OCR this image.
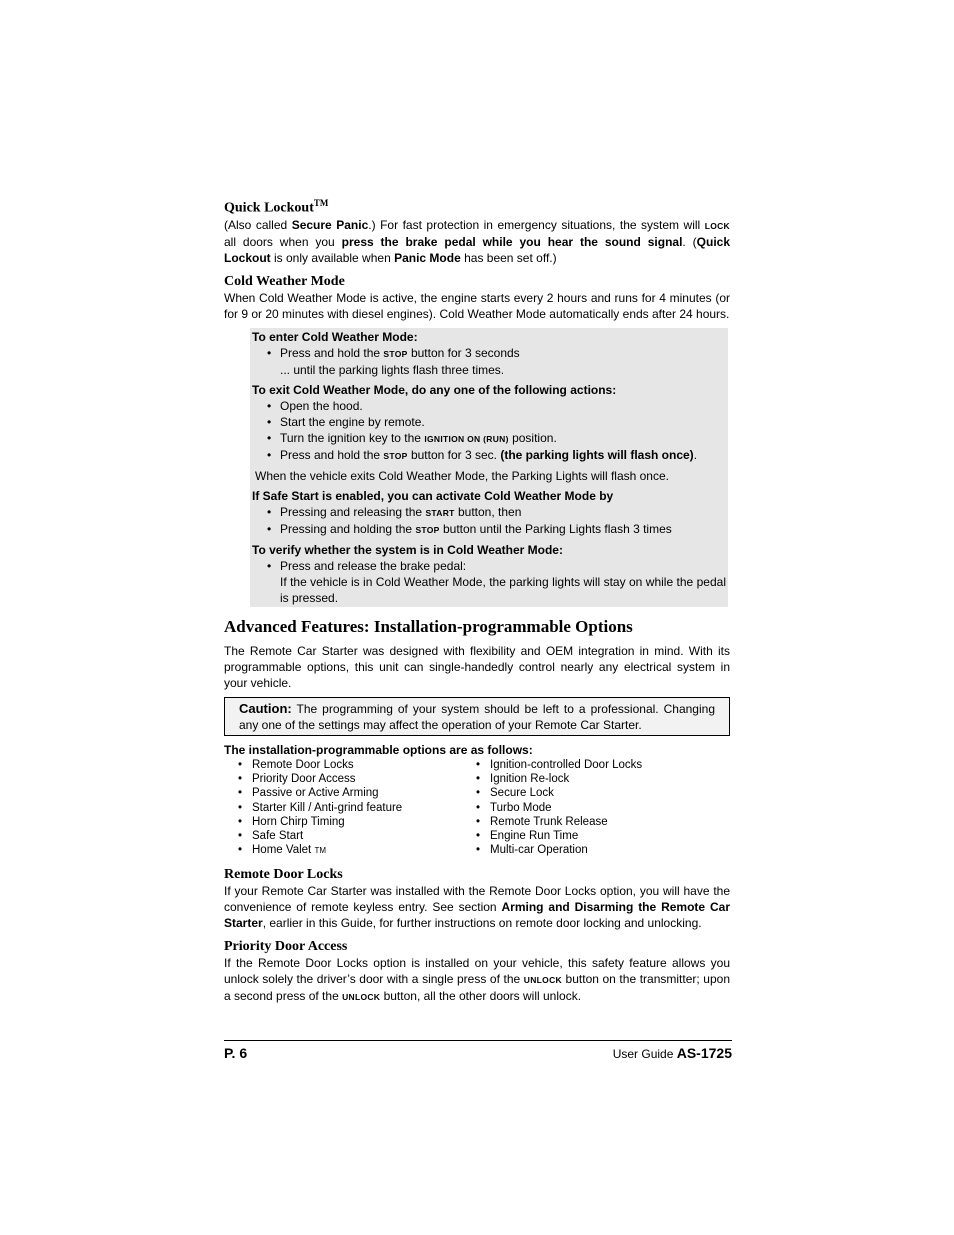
Quick Lockout™

(Also called Secure Panic.) For fast protection in emergency situations, the system will LOCK all doors when you press the brake pedal while you hear the sound signal. (Quick Lockout is only available when Panic Mode has been set off.)

Cold Weather Mode

When Cold Weather Mode is active, the engine starts every 2 hours and runs for 4 minutes (or for 9 or 20 minutes with diesel engines). Cold Weather Mode automatically ends after 24 hours.

To enter Cold Weather Mode:
• Press and hold the STOP button for 3 seconds
... until the parking lights flash three times.
To exit Cold Weather Mode, do any one of the following actions:
• Open the hood.
• Start the engine by remote.
• Turn the ignition key to the IGNITION ON (RUN) position.
• Press and hold the STOP button for 3 sec. (the parking lights will flash once).
When the vehicle exits Cold Weather Mode, the Parking Lights will flash once.
If Safe Start is enabled, you can activate Cold Weather Mode by
• Pressing and releasing the START button, then
• Pressing and holding the STOP button until the Parking Lights flash 3 times
To verify whether the system is in Cold Weather Mode:
• Press and release the brake pedal:
If the vehicle is in Cold Weather Mode, the parking lights will stay on while the pedal is pressed.
Advanced Features: Installation-programmable Options

The Remote Car Starter was designed with flexibility and OEM integration in mind. With its programmable options, this unit can single-handedly control nearly any electrical system in your vehicle.

Caution: The programming of your system should be left to a professional. Changing any one of the settings may affect the operation of your Remote Car Starter.
The installation-programmable options are as follows:
• Remote Door Locks
• Priority Door Access
• Passive or Active Arming
• Starter Kill / Anti-grind feature
• Horn Chirp Timing
• Safe Start
• Home Valet TM
• Ignition-controlled Door Locks
• Ignition Re-lock
• Secure Lock
• Turbo Mode
• Remote Trunk Release
• Engine Run Time
• Multi-car Operation
Remote Door Locks

If your Remote Car Starter was installed with the Remote Door Locks option, you will have the convenience of remote keyless entry. See section Arming and Disarming the Remote Car Starter, earlier in this Guide, for further instructions on remote door locking and unlocking.

Priority Door Access

If the Remote Door Locks option is installed on your vehicle, this safety feature allows you unlock solely the driver’s door with a single press of the UNLOCK button on the transmitter; upon a second press of the UNLOCK button, all the other doors will unlock.

P. 6	User Guide AS-1725
